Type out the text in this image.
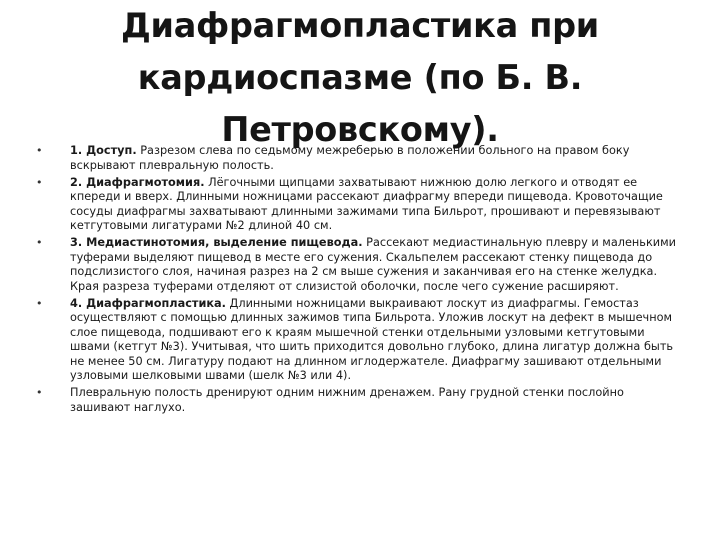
Диафрагмопластика при
кардиоспазме (по Б. В.
Петровскому).
•	1. Доступ. Разрезом слева по седьмому межреберью в положении больного на правом боку вскрывают плевральную полость.
•	2. Диафрагмотомия. Лёгочными щипцами захватывают нижнюю долю легкого и отводят ее кпереди и вверх. Длинными ножницами рассекают диафрагму впереди пищевода. Кровоточащие сосуды диафрагмы захватывают длинными зажимами типа Бильрот, прошивают и перевязывают кетгутовыми лигатурами №2 длиной 40 см.
•	3. Медиастинотомия, выделение пищевода. Рассекают медиастинальную плевру и маленькими туферами выделяют пищевод в месте его сужения. Скальпелем рассекают стенку пищевода до подслизистого слоя, начиная разрез на 2 см выше сужения и заканчивая его на стенке желудка. Края разреза туферами отделяют от слизистой оболочки, после чего сужение расширяют.
•	4. Диафрагмопластика. Длинными ножницами выкраивают лоскут из диафрагмы. Гемостаз осуществляют с помощью длинных зажимов типа Бильрота. Уложив лоскут на дефект в мышечном слое пищевода, подшивают его к краям мышечной стенки отдельными узловыми кетгутовыми швами (кетгут №3). Учитывая, что шить приходится довольно глубоко, длина лигатур должна быть не менее 50 см. Лигатуру подают на длинном иглодержателе. Диафрагму зашивают отдельными узловыми шелковыми швами (шелк №3 или 4).
•	Плевральную полость дренируют одним нижним дренажем. Рану грудной стенки послойно зашивают наглухо.
